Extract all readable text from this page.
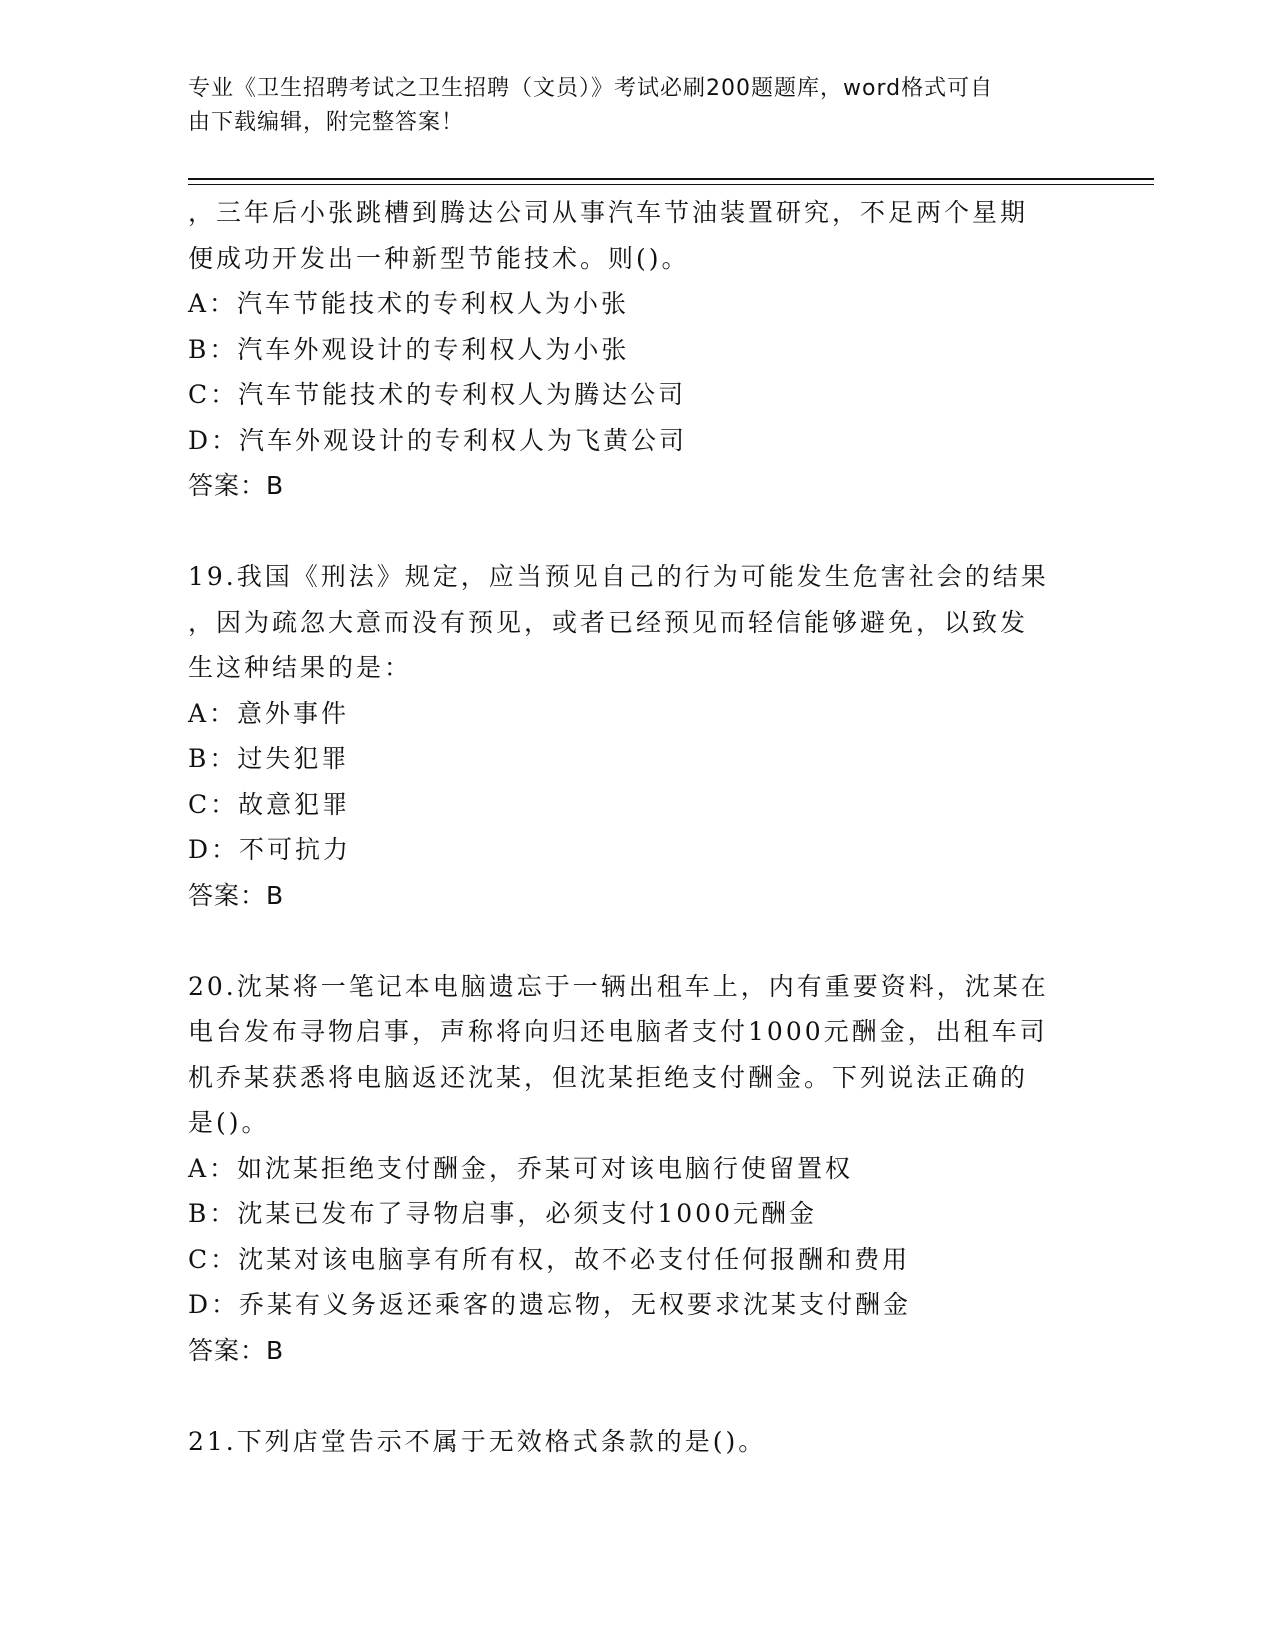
专业《卫生招聘考试之卫生招聘（文员）》考试必刷200题题库，word格式可自
由下载编辑，附完整答案！
，三年后小张跳槽到腾达公司从事汽车节油装置研究，不足两个星期
便成功开发出一种新型节能技术。则()。
A：汽车节能技术的专利权人为小张
B：汽车外观设计的专利权人为小张
C：汽车节能技术的专利权人为腾达公司
D：汽车外观设计的专利权人为飞黄公司
答案：B
19.我国《刑法》规定，应当预见自己的行为可能发生危害社会的结果
，因为疏忽大意而没有预见，或者已经预见而轻信能够避免，以致发
生这种结果的是：
A：意外事件
B：过失犯罪
C：故意犯罪
D：不可抗力
答案：B
20.沈某将一笔记本电脑遗忘于一辆出租车上，内有重要资料，沈某在
电台发布寻物启事，声称将向归还电脑者支付1000元酬金，出租车司
机乔某获悉将电脑返还沈某，但沈某拒绝支付酬金。下列说法正确的
是()。
A：如沈某拒绝支付酬金，乔某可对该电脑行使留置权
B：沈某已发布了寻物启事，必须支付1000元酬金
C：沈某对该电脑享有所有权，故不必支付任何报酬和费用
D：乔某有义务返还乘客的遗忘物，无权要求沈某支付酬金
答案：B
21.下列店堂告示不属于无效格式条款的是()。
